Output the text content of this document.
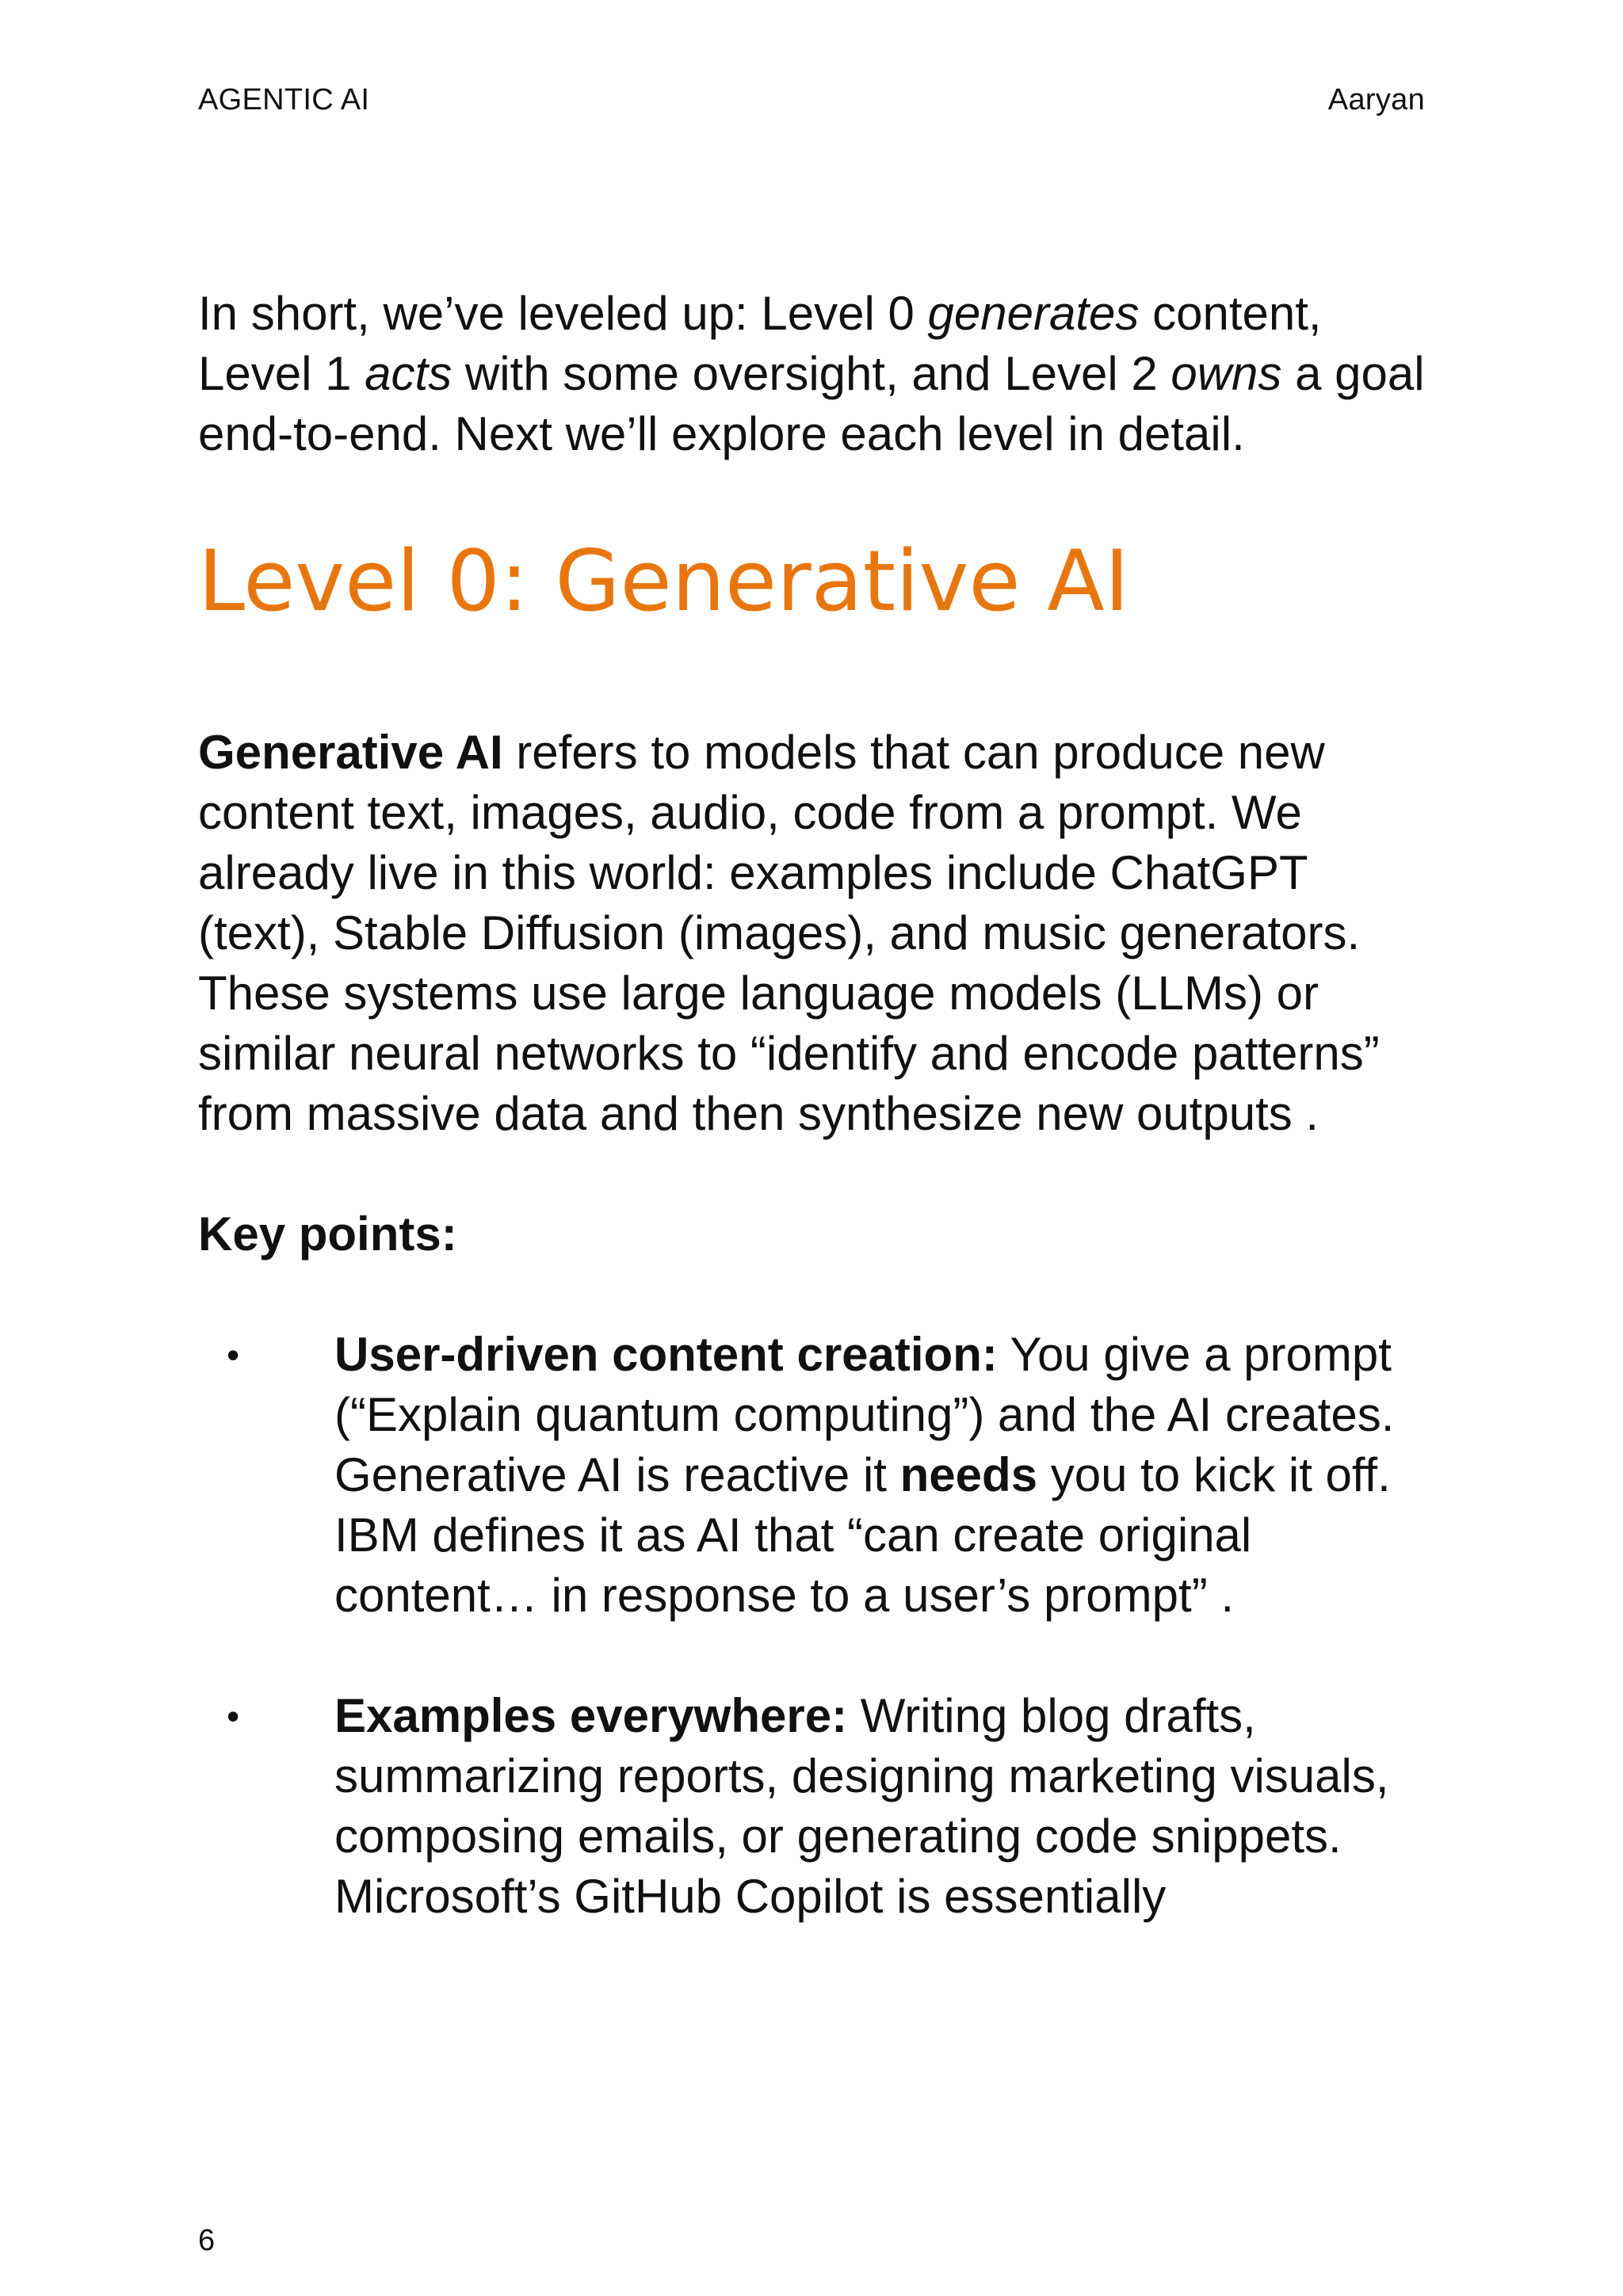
AGENTIC AI	Aaryan

In short, we’ve leveled up: Level 0 generates content, Level 1 acts with some oversight, and Level 2 owns a goal end-to-end. Next we’ll explore each level in detail.

Level 0: Generative AI

Generative AI refers to models that can produce new content text, images, audio, code from a prompt. We already live in this world: examples include ChatGPT (text), Stable Diffusion (images), and music generators. These systems use large language models (LLMs) or similar neural networks to “identify and encode patterns” from massive data and then synthesize new outputs .

Key points:

• User-driven content creation: You give a prompt (“Explain quantum computing”) and the AI creates. Generative AI is reactive it needs you to kick it off. IBM defines it as AI that “can create original content… in response to a user’s prompt” .
• Examples everywhere: Writing blog drafts, summarizing reports, designing marketing visuals, composing emails, or generating code snippets. Microsoft’s GitHub Copilot is essentially
6
